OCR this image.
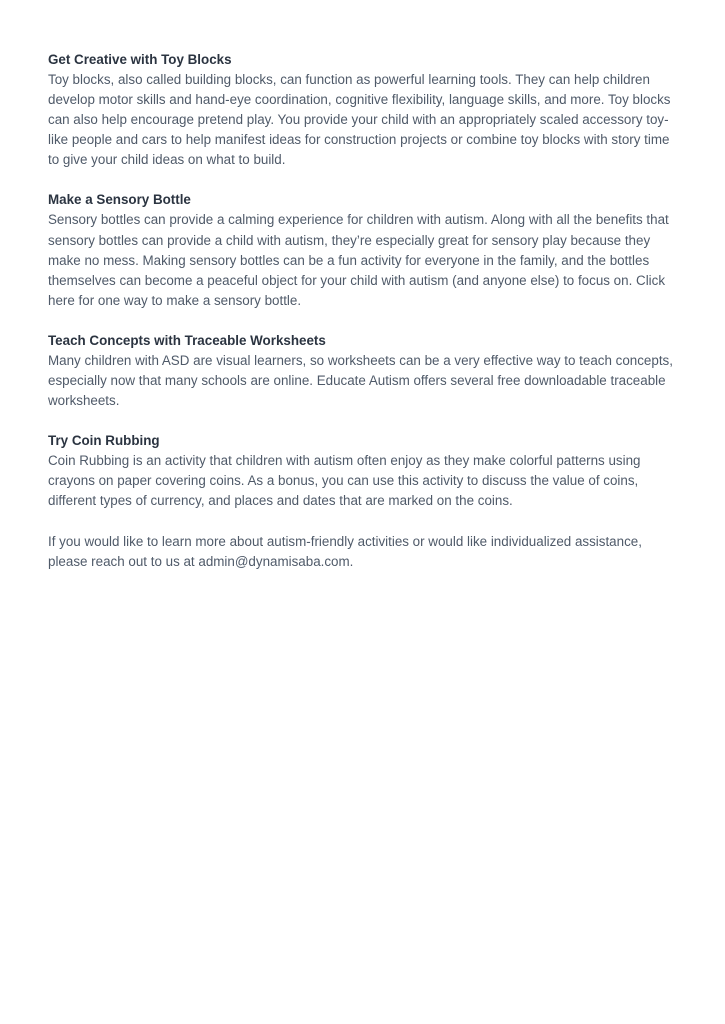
Get Creative with Toy Blocks

Toy blocks, also called building blocks, can function as powerful learning tools. They can help children develop motor skills and hand-eye coordination, cognitive flexibility, language skills, and more. Toy blocks can also help encourage pretend play. You provide your child with an appropriately scaled accessory toy-like people and cars to help manifest ideas for construction projects or combine toy blocks with story time to give your child ideas on what to build.

Make a Sensory Bottle

Sensory bottles can provide a calming experience for children with autism. Along with all the benefits that sensory bottles can provide a child with autism, they’re especially great for sensory play because they make no mess. Making sensory bottles can be a fun activity for everyone in the family, and the bottles themselves can become a peaceful object for your child with autism (and anyone else) to focus on. Click here for one way to make a sensory bottle.

Teach Concepts with Traceable Worksheets

Many children with ASD are visual learners, so worksheets can be a very effective way to teach concepts, especially now that many schools are online. Educate Autism offers several free downloadable traceable worksheets.

Try Coin Rubbing

Coin Rubbing is an activity that children with autism often enjoy as they make colorful patterns using crayons on paper covering coins. As a bonus, you can use this activity to discuss the value of coins, different types of currency, and places and dates that are marked on the coins.

If you would like to learn more about autism-friendly activities or would like individualized assistance, please reach out to us at admin@dynamisaba.com.
